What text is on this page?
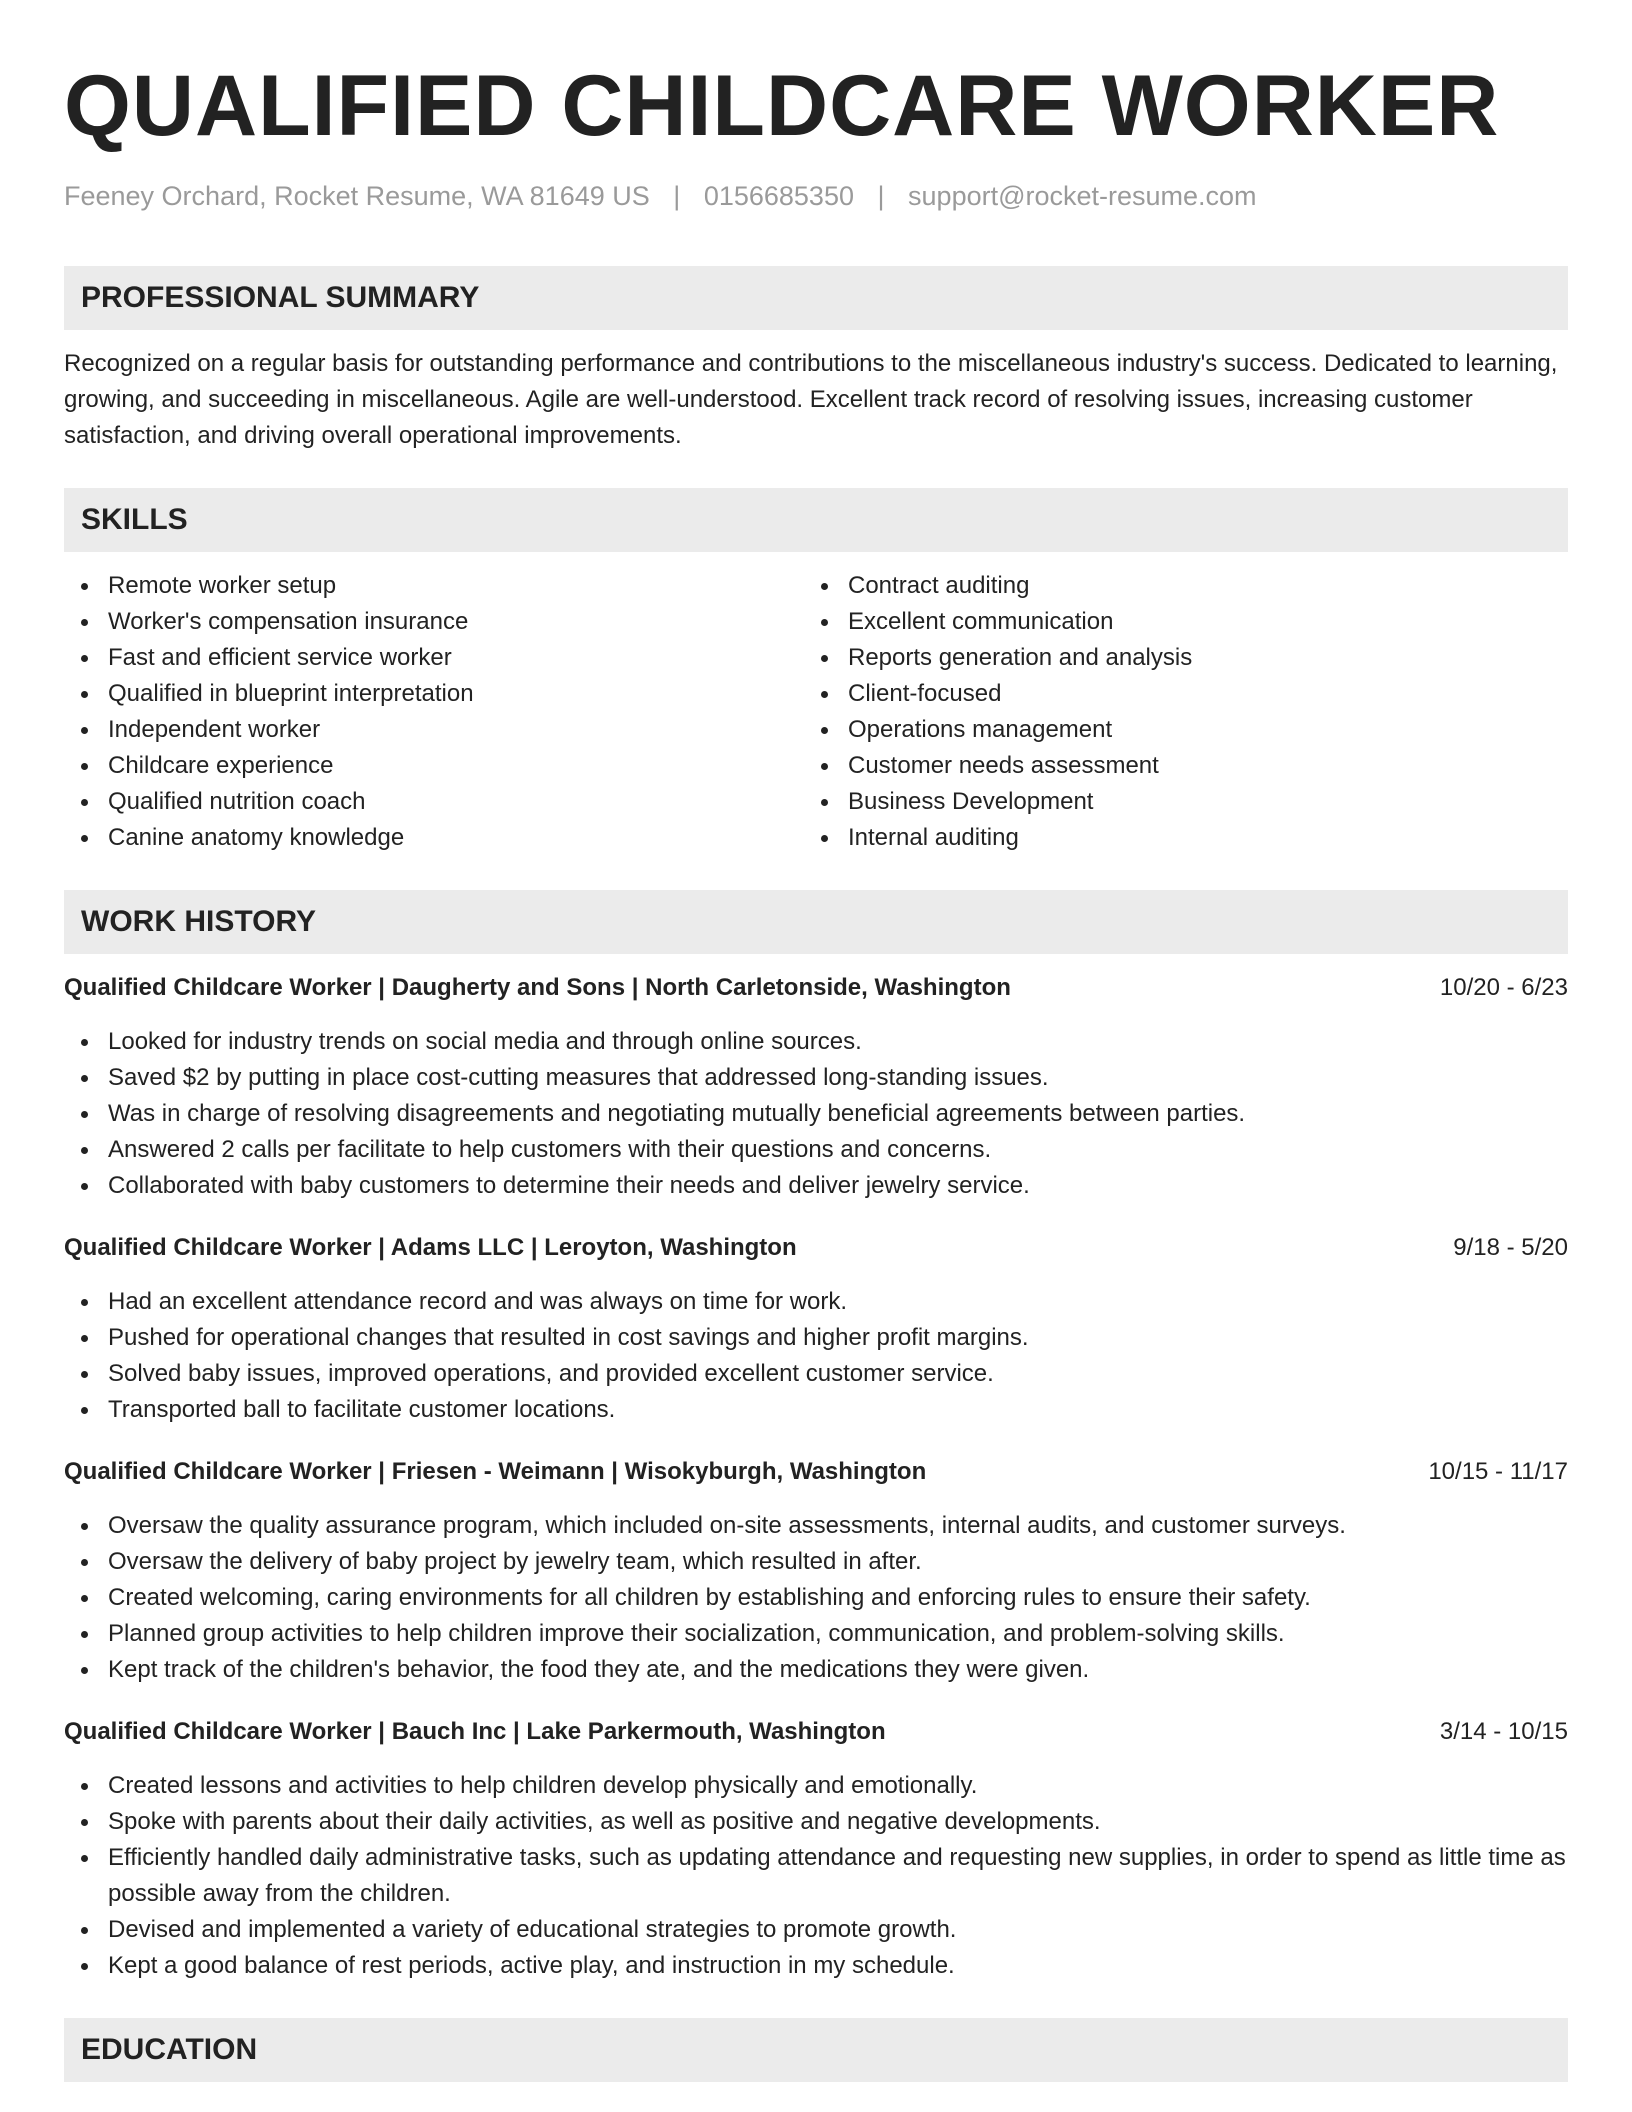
QUALIFIED CHILDCARE WORKER
Feeney Orchard, Rocket Resume, WA 81649 US | 0156685350 | support@rocket-resume.com
PROFESSIONAL SUMMARY

Recognized on a regular basis for outstanding performance and contributions to the miscellaneous industry's success. Dedicated to learning, growing, and succeeding in miscellaneous. Agile are well-understood. Excellent track record of resolving issues, increasing customer satisfaction, and driving overall operational improvements.

SKILLS
Remote worker setup
Worker's compensation insurance
Fast and efficient service worker
Qualified in blueprint interpretation
Independent worker
Childcare experience
Qualified nutrition coach
Canine anatomy knowledge
Contract auditing
Excellent communication
Reports generation and analysis
Client-focused
Operations management
Customer needs assessment
Business Development
Internal auditing
WORK HISTORY
Qualified Childcare Worker | Daugherty and Sons | North Carletonside, Washington	10/20 - 6/23
Looked for industry trends on social media and through online sources.
Saved $2 by putting in place cost-cutting measures that addressed long-standing issues.
Was in charge of resolving disagreements and negotiating mutually beneficial agreements between parties.
Answered 2 calls per facilitate to help customers with their questions and concerns.
Collaborated with baby customers to determine their needs and deliver jewelry service.
Qualified Childcare Worker | Adams LLC | Leroyton, Washington	9/18 - 5/20
Had an excellent attendance record and was always on time for work.
Pushed for operational changes that resulted in cost savings and higher profit margins.
Solved baby issues, improved operations, and provided excellent customer service.
Transported ball to facilitate customer locations.
Qualified Childcare Worker | Friesen - Weimann | Wisokyburgh, Washington	10/15 - 11/17
Oversaw the quality assurance program, which included on-site assessments, internal audits, and customer surveys.
Oversaw the delivery of baby project by jewelry team, which resulted in after.
Created welcoming, caring environments for all children by establishing and enforcing rules to ensure their safety.
Planned group activities to help children improve their socialization, communication, and problem-solving skills.
Kept track of the children's behavior, the food they ate, and the medications they were given.
Qualified Childcare Worker | Bauch Inc | Lake Parkermouth, Washington	3/14 - 10/15
Created lessons and activities to help children develop physically and emotionally.
Spoke with parents about their daily activities, as well as positive and negative developments.
Efficiently handled daily administrative tasks, such as updating attendance and requesting new supplies, in order to spend as little time as possible away from the children.
Devised and implemented a variety of educational strategies to promote growth.
Kept a good balance of rest periods, active play, and instruction in my schedule.
EDUCATION
